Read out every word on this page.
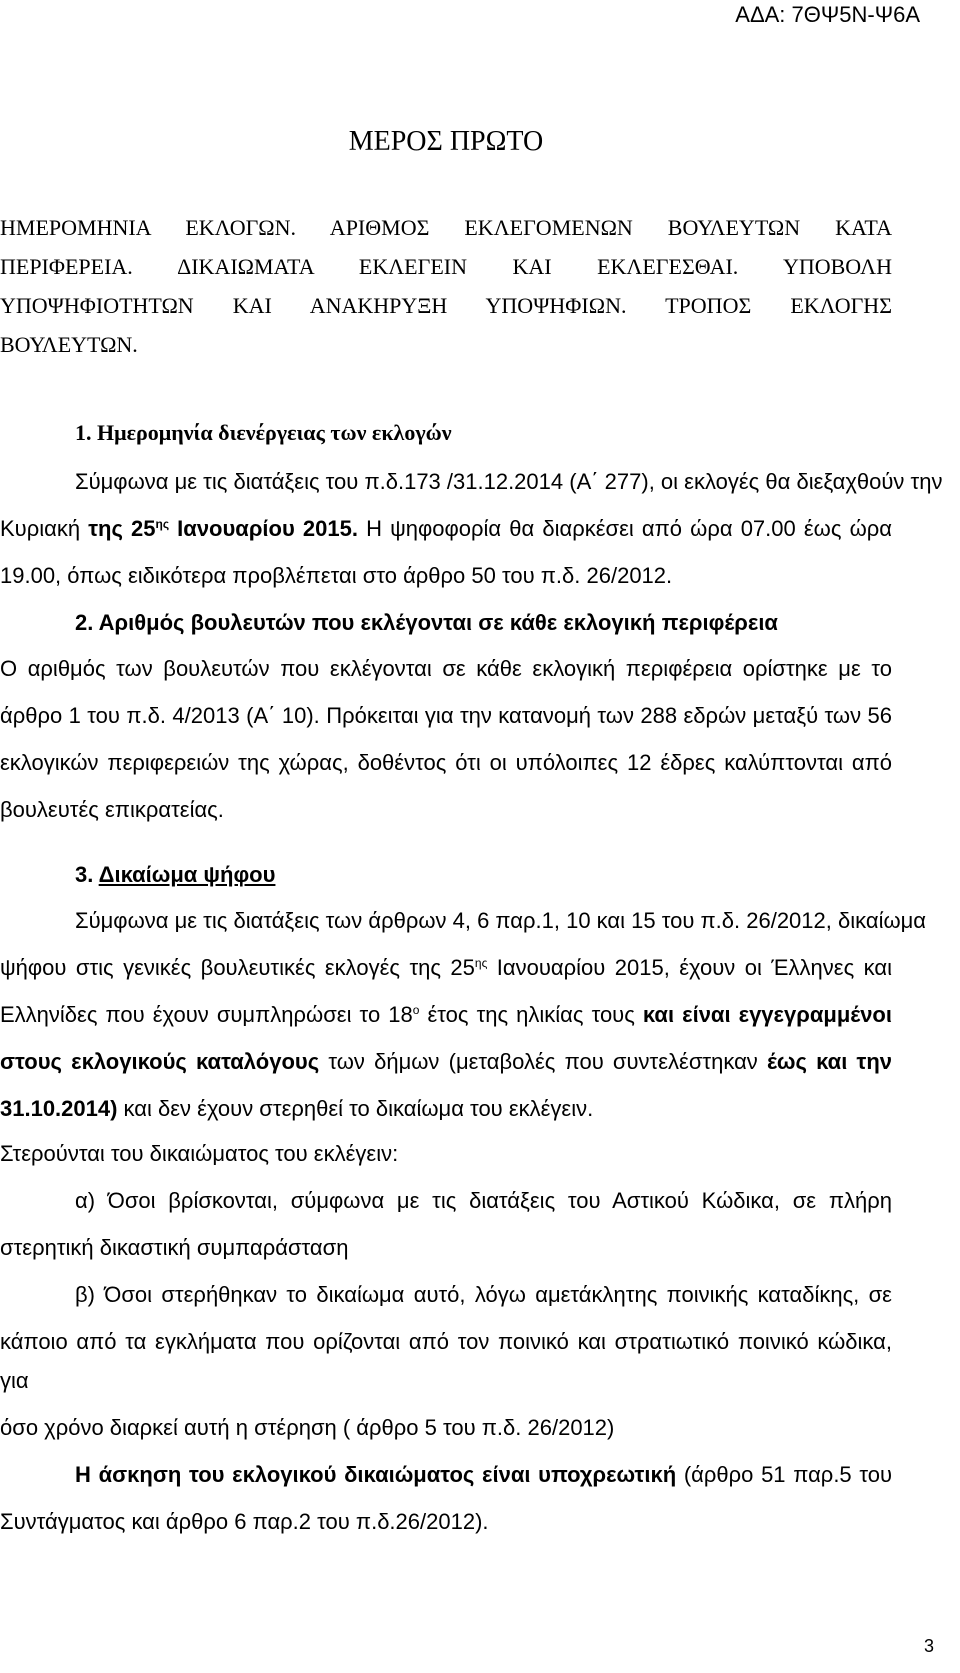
ΑΔΑ: 7ΘΨ5Ν-Ψ6Α
ΜΕΡΟΣ ΠΡΩΤΟ
ΗΜΕΡΟΜΗΝΙΑ ΕΚΛΟΓΩΝ. ΑΡΙΘΜΟΣ ΕΚΛΕΓΟΜΕΝΩΝ ΒΟΥΛΕΥΤΩΝ ΚΑΤΑ
ΠΕΡΙΦΕΡΕΙΑ. ΔΙΚΑΙΩΜΑΤΑ ΕΚΛΕΓΕΙΝ ΚΑΙ ΕΚΛΕΓΕΣΘΑΙ. ΥΠΟΒΟΛΗ
ΥΠΟΨΗΦΙΟΤΗΤΩΝ ΚΑΙ ΑΝΑΚΗΡΥΞΗ ΥΠΟΨΗΦΙΩΝ. ΤΡΟΠΟΣ ΕΚΛΟΓΗΣ
ΒΟΥΛΕΥΤΩΝ.
1. Ημερομηνία διενέργειας των εκλογών
Σύμφωνα με τις διατάξεις του π.δ.173 /31.12.2014 (Α΄ 277), οι εκλογές θα διεξαχθούν την
Κυριακή της $25^{\eta\varsigma}$ Ιανουαρίου 2015. Η ψηφοφορία θα διαρκέσει από ώρα 07.00 έως ώρα
19.00, όπως ειδικότερα προβλέπεται στο άρθρο 50 του π.δ. 26/2012.
2. Αριθμός βουλευτών που εκλέγονται σε κάθε εκλογική περιφέρεια
Ο αριθμός των βουλευτών που εκλέγονται σε κάθε εκλογική περιφέρεια ορίστηκε με το
άρθρο 1 του π.δ. 4/2013 (Α΄ 10). Πρόκειται για την κατανομή των 288 εδρών μεταξύ των 56
εκλογικών περιφερειών της χώρας, δοθέντος ότι οι υπόλοιπες 12 έδρες καλύπτονται από
βουλευτές επικρατείας.
3. Δικαίωμα ψήφου
Σύμφωνα με τις διατάξεις των άρθρων 4, 6 παρ.1, 10 και 15 του π.δ. 26/2012, δικαίωμα
ψήφου στις γενικές βουλευτικές εκλογές της $25^{\eta\varsigma}$ Ιανουαρίου 2015, έχουν οι Έλληνες και
Ελληνίδες που έχουν συμπληρώσει το $18^o$ έτος της ηλικίας τους και είναι εγγεγραμμένοι
στους εκλογικούς καταλόγους των δήμων (μεταβολές που συντελέστηκαν έως και την
31.10.2014) και δεν έχουν στερηθεί το δικαίωμα του εκλέγειν.
Στερούνται του δικαιώματος του εκλέγειν:
α) Όσοι βρίσκονται, σύμφωνα με τις διατάξεις του Αστικού Κώδικα, σε πλήρη
στερητική δικαστική συμπαράσταση
β) Όσοι στερήθηκαν το δικαίωμα αυτό, λόγω αμετάκλητης ποινικής καταδίκης, σε
κάποιο από τα εγκλήματα που ορίζονται από τον ποινικό και στρατιωτικό ποινικό κώδικα, για
όσο χρόνο διαρκεί αυτή η στέρηση ( άρθρο 5 του π.δ. 26/2012)
Η άσκηση του εκλογικού δικαιώματος είναι υποχρεωτική (άρθρο 51 παρ.5 του
Συντάγματος και άρθρο 6 παρ.2 του π.δ.26/2012).
3
